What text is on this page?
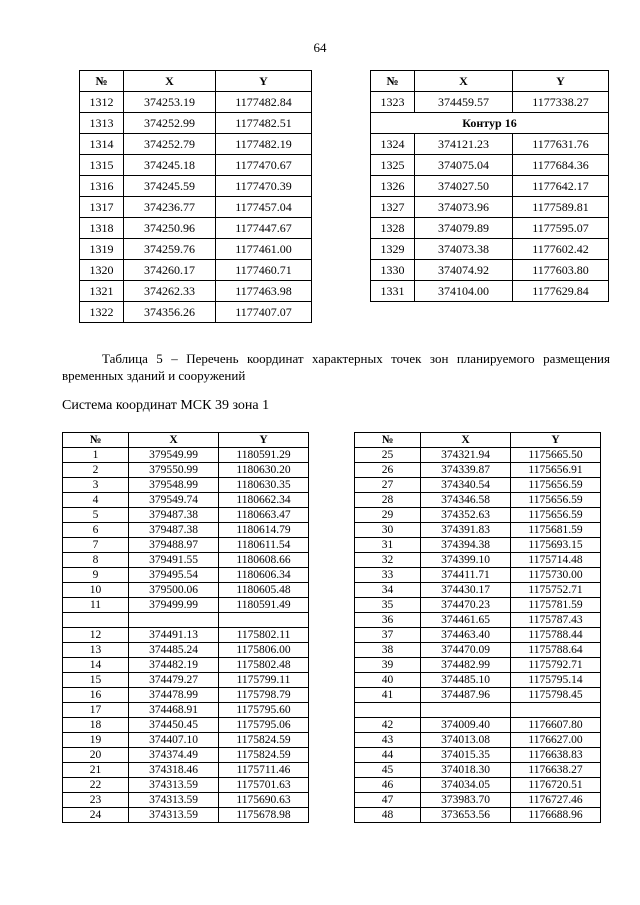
64
№	X	Y
1312	374253.19	1177482.84
1313	374252.99	1177482.51
1314	374252.79	1177482.19
1315	374245.18	1177470.67
1316	374245.59	1177470.39
1317	374236.77	1177457.04
1318	374250.96	1177447.67
1319	374259.76	1177461.00
1320	374260.17	1177460.71
1321	374262.33	1177463.98
1322	374356.26	1177407.07
№	X	Y
1323	374459.57	1177338.27
Контур 16		
1324	374121.23	1177631.76
1325	374075.04	1177684.36
1326	374027.50	1177642.17
1327	374073.96	1177589.81
1328	374079.89	1177595.07
1329	374073.38	1177602.42
1330	374074.92	1177603.80
1331	374104.00	1177629.84
Таблица 5 – Перечень координат характерных точек зон планируемого размещения временных зданий и сооружений
Система координат МСК 39 зона 1
№	X	Y
1	379549.99	1180591.29
2	379550.99	1180630.20
3	379548.99	1180630.35
4	379549.74	1180662.34
5	379487.38	1180663.47
6	379487.38	1180614.79
7	379488.97	1180611.54
8	379491.55	1180608.66
9	379495.54	1180606.34
10	379500.06	1180605.48
11	379499.99	1180591.49

12	374491.13	1175802.11
13	374485.24	1175806.00
14	374482.19	1175802.48
15	374479.27	1175799.11
16	374478.99	1175798.79
17	374468.91	1175795.60
18	374450.45	1175795.06
19	374407.10	1175824.59
20	374374.49	1175824.59
21	374318.46	1175711.46
22	374313.59	1175701.63
23	374313.59	1175690.63
24	374313.59	1175678.98
№	X	Y
25	374321.94	1175665.50
26	374339.87	1175656.91
27	374340.54	1175656.59
28	374346.58	1175656.59
29	374352.63	1175656.59
30	374391.83	1175681.59
31	374394.38	1175693.15
32	374399.10	1175714.48
33	374411.71	1175730.00
34	374430.17	1175752.71
35	374470.23	1175781.59
36	374461.65	1175787.43
37	374463.40	1175788.44
38	374470.09	1175788.64
39	374482.99	1175792.71
40	374485.10	1175795.14
41	374487.96	1175798.45

42	374009.40	1176607.80
43	374013.08	1176627.00
44	374015.35	1176638.83
45	374018.30	1176638.27
46	374034.05	1176720.51
47	373983.70	1176727.46
48	373653.56	1176688.96
